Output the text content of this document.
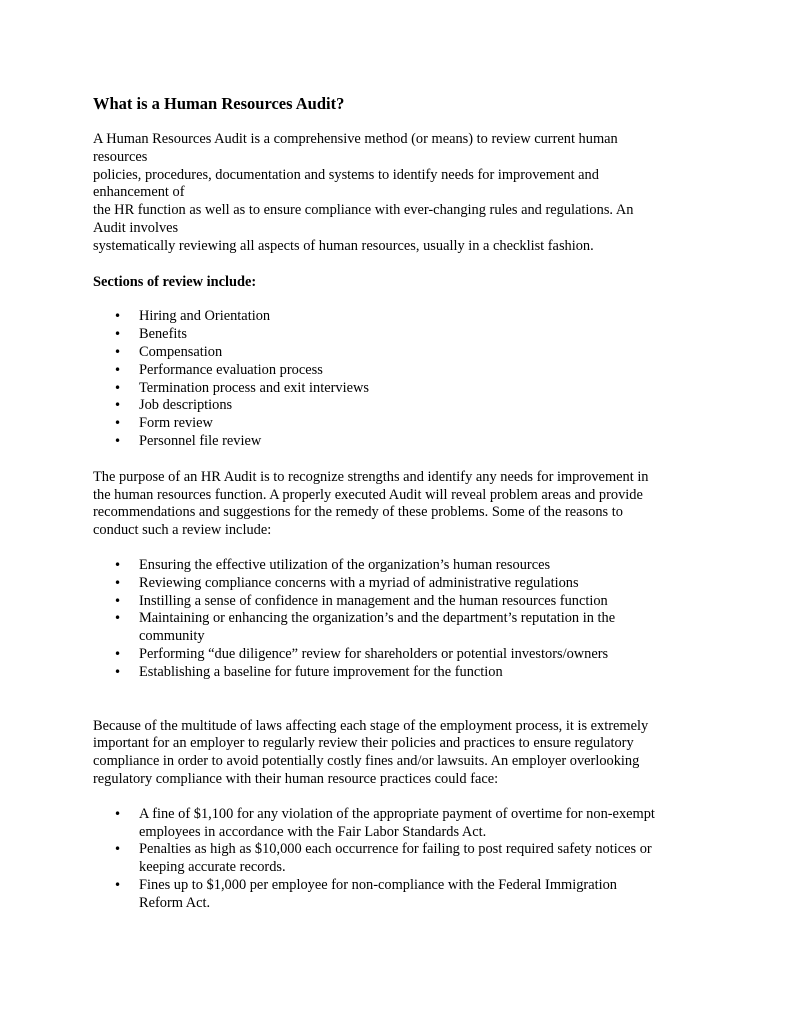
What is a Human Resources Audit?

A Human Resources Audit is a comprehensive method (or means) to review current human
resources
policies, procedures, documentation and systems to identify needs for improvement and
enhancement of
the HR function as well as to ensure compliance with ever-changing rules and regulations. An
Audit involves
systematically reviewing all aspects of human resources, usually in a checklist fashion.

Sections of review include:

• Hiring and Orientation
• Benefits
• Compensation
• Performance evaluation process
• Termination process and exit interviews
• Job descriptions
• Form review
• Personnel file review

The purpose of an HR Audit is to recognize strengths and identify any needs for improvement in
the human resources function. A properly executed Audit will reveal problem areas and provide
recommendations and suggestions for the remedy of these problems. Some of the reasons to
conduct such a review include:

• Ensuring the effective utilization of the organization’s human resources
• Reviewing compliance concerns with a myriad of administrative regulations
• Instilling a sense of confidence in management and the human resources function
• Maintaining or enhancing the organization’s and the department’s reputation in the
community
• Performing “due diligence” review for shareholders or potential investors/owners
• Establishing a baseline for future improvement for the function

Because of the multitude of laws affecting each stage of the employment process, it is extremely
important for an employer to regularly review their policies and practices to ensure regulatory
compliance in order to avoid potentially costly fines and/or lawsuits. An employer overlooking
regulatory compliance with their human resource practices could face:

• A fine of $1,100 for any violation of the appropriate payment of overtime for non-exempt
employees in accordance with the Fair Labor Standards Act.
• Penalties as high as $10,000 each occurrence for failing to post required safety notices or
keeping accurate records.
• Fines up to $1,000 per employee for non-compliance with the Federal Immigration
Reform Act.
